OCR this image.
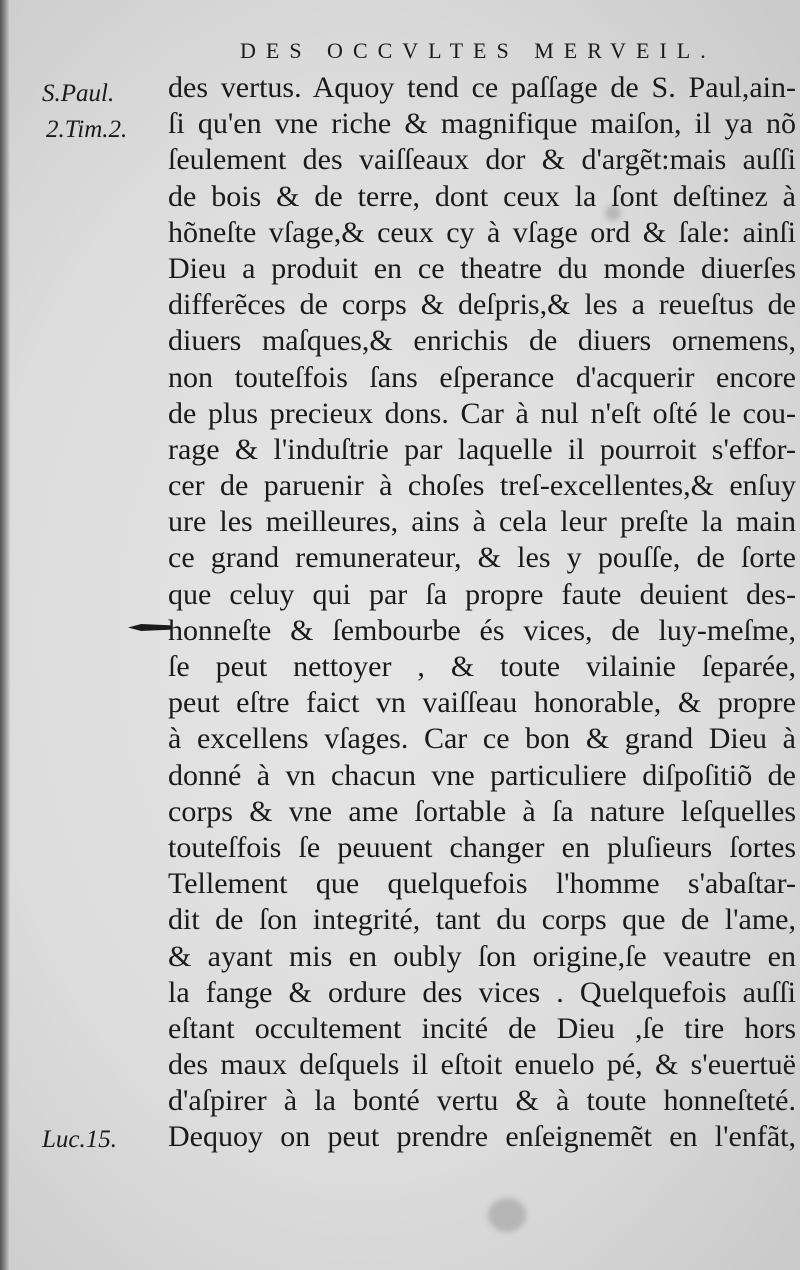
DES OCCVLTES MERVEIL.
S.Paul.
2.Tim.2.
Luc.15.
des vertus. Aquoy tend ce paſſage de S. Paul,ain-
ſi qu'en vne riche & magnifique maiſon, il ya nõ
ſeulement des vaiſſeaux dor & d'argẽt:mais auſſi
de bois & de terre, dont ceux la ſont deſtinez à
hõneſte vſage,& ceux cy à vſage ord & ſale: ainſi
Dieu a produit en ce theatre du monde diuerſes
differẽces de corps & deſpris,& les a reueſtus de
diuers maſques,& enrichis de diuers ornemens,
non touteſfois ſans eſperance d'acquerir encore
de plus precieux dons. Car à nul n'eſt oſté le cou-
rage & l'induſtrie par laquelle il pourroit s'effor-
cer de paruenir à choſes treſ-excellentes,& enſuy
ure les meilleures, ains à cela leur preſte la main
ce grand remunerateur, & les y pouſſe, de ſorte
que celuy qui par ſa propre faute deuient des-
honneſte & ſembourbe és vices, de luy-meſme,
ſe peut nettoyer , & toute vilainie ſeparée,
peut eſtre faict vn vaiſſeau honorable, & propre
à excellens vſages. Car ce bon & grand Dieu à
donné à vn chacun vne particuliere diſpoſitiõ de
corps & vne ame ſortable à ſa nature leſquelles
touteſfois ſe peuuent changer en pluſieurs ſortes
Tellement que quelquefois l'homme s'abaſtar-
dit de ſon integrité, tant du corps que de l'ame,
& ayant mis en oubly ſon origine,ſe veautre en
la fange & ordure des vices . Quelquefois auſſi
eſtant occultement incité de Dieu ,ſe tire hors
des maux deſquels il eſtoit enuelo pé, & s'euertuë
d'aſpirer à la bonté vertu & à toute honneſteté.
Dequoy on peut prendre enſeignemẽt en l'enfãt,
